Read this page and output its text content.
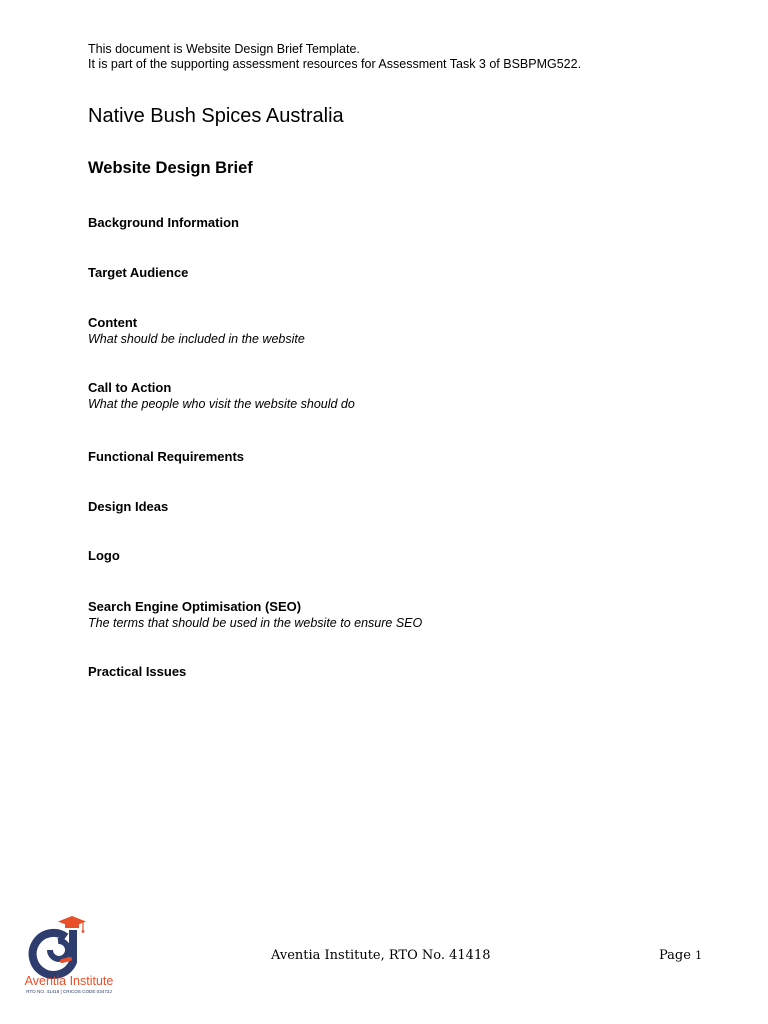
This document is Website Design Brief Template.
It is part of the supporting assessment resources for Assessment Task 3 of BSBPMG522.
Native Bush Spices Australia
Website Design Brief

Background Information

Target Audience

Content

What should be included in the website

Call to Action

What the people who visit the website should do

Functional Requirements

Design Ideas

Logo

Search Engine Optimisation (SEO)

The terms that should be used in the website to ensure SEO

Practical Issues

Aventia Institute
RTO NO. 41418 | CRICOS CODE 03473J
Aventia Institute, RTO No. 41418	Page 1
